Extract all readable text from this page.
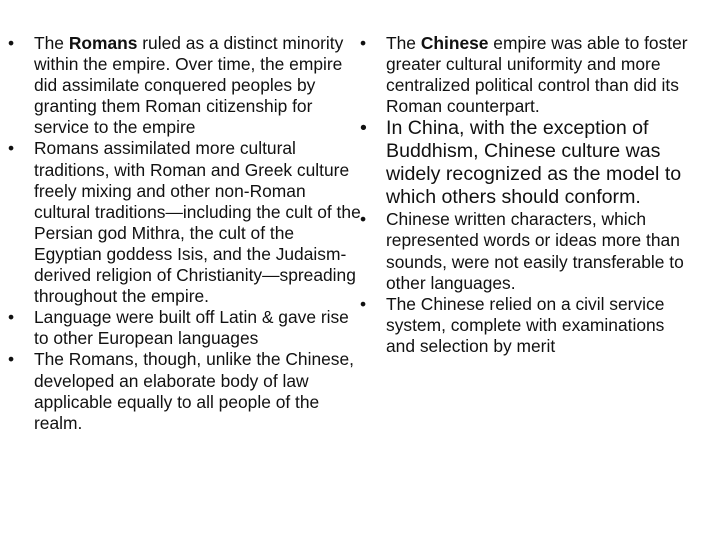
• The Romans ruled as a distinct minority within the empire. Over time, the empire did assimilate conquered peoples by granting them Roman citizenship for service to the empire
• Romans assimilated more cultural traditions, with Roman and Greek culture freely mixing and other non-Roman cultural traditions—including the cult of the Persian god Mithra, the cult of the Egyptian goddess Isis, and the Judaism-derived religion of Christianity—spreading throughout the empire.
• Language were built off Latin & gave rise to other European languages
• The Romans, though, unlike the Chinese, developed an elaborate body of law applicable equally to all people of the realm.
• The Chinese empire was able to foster greater cultural uniformity and more centralized political control than did its Roman counterpart.
• In China, with the exception of Buddhism, Chinese culture was widely recognized as the model to which others should conform.
• Chinese written characters, which represented words or ideas more than sounds, were not easily transferable to other languages.
• The Chinese relied on a civil service system, complete with examinations and selection by merit
